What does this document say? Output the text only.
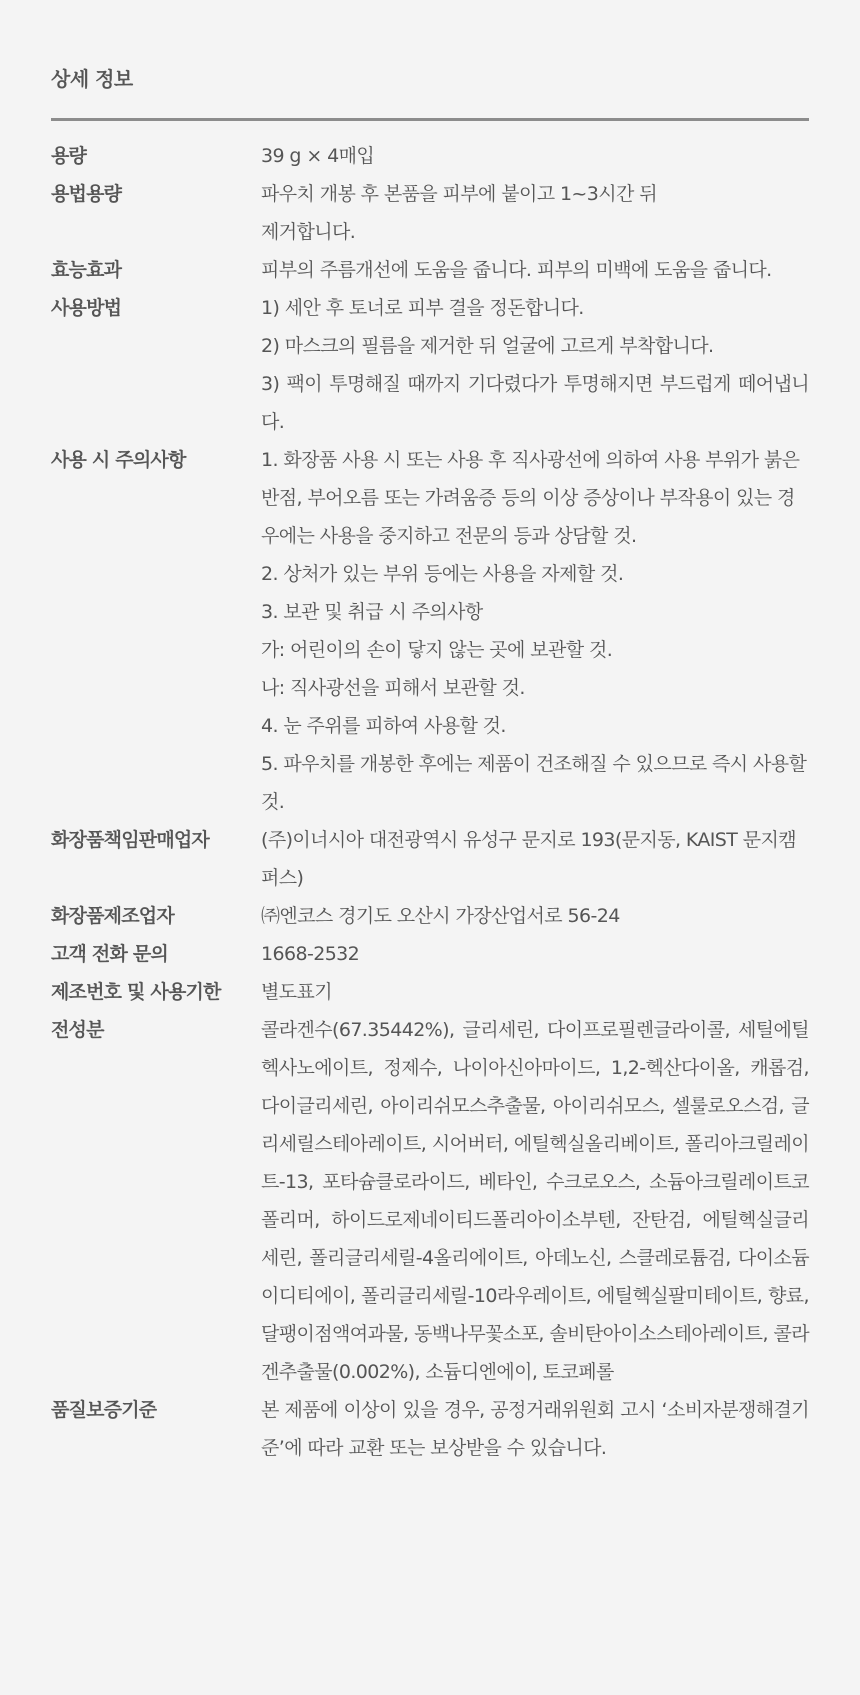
상세 정보
용량	39 g × 4매입
용법용량	파우치 개봉 후 본품을 피부에 붙이고 1~3시간 뒤
제거합니다.
효능효과	피부의 주름개선에 도움을 줍니다. 피부의 미백에 도움을 줍니다.
사용방법	1) 세안 후 토너로 피부 결을 정돈합니다.
2) 마스크의 필름을 제거한 뒤 얼굴에 고르게 부착합니다.
3) 팩이 투명해질 때까지 기다렸다가 투명해지면 부드럽게 떼어냅니다.
사용 시 주의사항	1. 화장품 사용 시 또는 사용 후 직사광선에 의하여 사용 부위가 붉은 반점, 부어오름 또는 가려움증 등의 이상 증상이나 부작용이 있는 경우에는 사용을 중지하고 전문의 등과 상담할 것.
2. 상처가 있는 부위 등에는 사용을 자제할 것.
3. 보관 및 취급 시 주의사항
가: 어린이의 손이 닿지 않는 곳에 보관할 것.
나: 직사광선을 피해서 보관할 것.
4. 눈 주위를 피하여 사용할 것.
5. 파우치를 개봉한 후에는 제품이 건조해질 수 있으므로 즉시 사용할 것.
화장품책임판매업자	(주)이너시아 대전광역시 유성구 문지로 193(문지동, KAIST 문지캠퍼스)
화장품제조업자	㈜엔코스 경기도 오산시 가장산업서로 56-24
고객 전화 문의	1668-2532
제조번호 및 사용기한	별도표기
전성분	콜라겐수(67.35442%), 글리세린, 다이프로필렌글라이콜, 세틸에틸헥사노에이트, 정제수, 나이아신아마이드, 1,2-헥산다이올, 캐롭검, 다이글리세린, 아이리쉬모스추출물, 아이리쉬모스, 셀룰로오스검, 글리세릴스테아레이트, 시어버터, 에틸헥실올리베이트, 폴리아크릴레이트-13, 포타슘클로라이드, 베타인, 수크로오스, 소듐아크릴레이트코폴리머, 하이드로제네이티드폴리아이소부텐, 잔탄검, 에틸헥실글리 세린, 폴리글리세릴-4올리에이트, 아데노신, 스클레로튬검, 다이소듐이디티에이, 폴리글리세릴-10라우레이트, 에틸헥실팔미테이트, 향료, 달팽이점액여과물, 동백나무꽃소포, 솔비탄아이소스테아레이트, 콜라겐추출물(0.002%), 소듐디엔에이, 토코페롤
품질보증기준	본 제품에 이상이 있을 경우, 공정거래위원회 고시 ‘소비자분쟁해결기준’에 따라 교환 또는 보상받을 수 있습니다.
